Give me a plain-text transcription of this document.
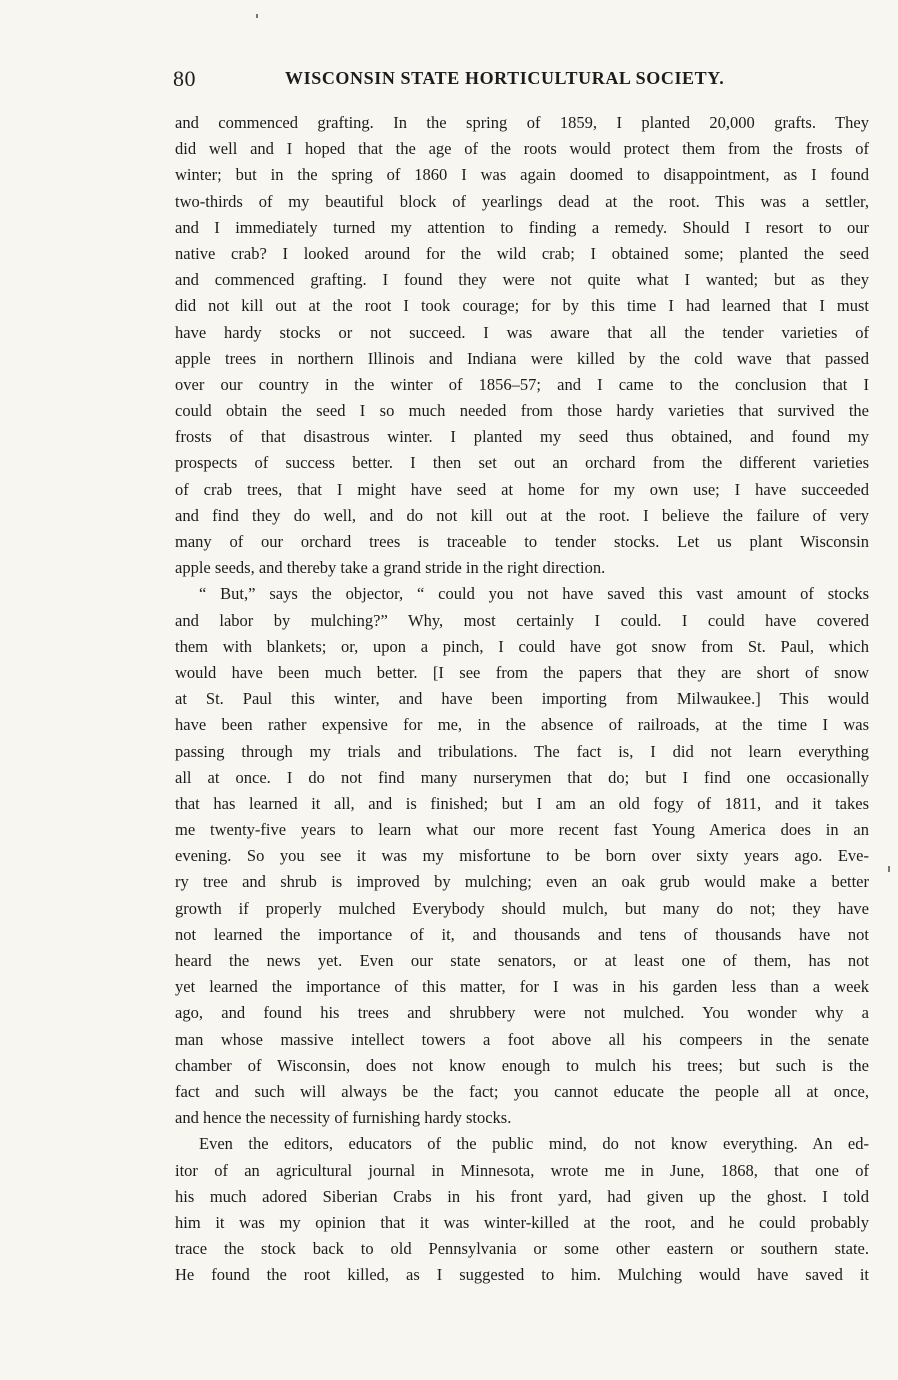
80	WISCONSIN STATE HORTICULTURAL SOCIETY.
and commenced grafting. In the spring of 1859, I planted 20,000 grafts. They
did well and I hoped that the age of the roots would protect them from the frosts of
winter; but in the spring of 1860 I was again doomed to disappointment, as I found
two-thirds of my beautiful block of yearlings dead at the root. This was a settler,
and I immediately turned my attention to finding a remedy. Should I resort to our
native crab? I looked around for the wild crab; I obtained some; planted the seed
and commenced grafting. I found they were not quite what I wanted; but as they
did not kill out at the root I took courage; for by this time I had learned that I must
have hardy stocks or not succeed. I was aware that all the tender varieties of
apple trees in northern Illinois and Indiana were killed by the cold wave that passed
over our country in the winter of 1856–57; and I came to the conclusion that I
could obtain the seed I so much needed from those hardy varieties that survived the
frosts of that disastrous winter. I planted my seed thus obtained, and found my
prospects of success better. I then set out an orchard from the different varieties
of crab trees, that I might have seed at home for my own use; I have succeeded
and find they do well, and do not kill out at the root. I believe the failure of very
many of our orchard trees is traceable to tender stocks. Let us plant Wisconsin
apple seeds, and thereby take a grand stride in the right direction.
“ But,” says the objector, “ could you not have saved this vast amount of stocks
and labor by mulching?” Why, most certainly I could. I could have covered
them with blankets; or, upon a pinch, I could have got snow from St. Paul, which
would have been much better. [I see from the papers that they are short of snow
at St. Paul this winter, and have been importing from Milwaukee.] This would
have been rather expensive for me, in the absence of railroads, at the time I was
passing through my trials and tribulations. The fact is, I did not learn everything
all at once. I do not find many nurserymen that do; but I find one occasionally
that has learned it all, and is finished; but I am an old fogy of 1811, and it takes
me twenty-five years to learn what our more recent fast Young America does in an
evening. So you see it was my misfortune to be born over sixty years ago. Eve-
ry tree and shrub is improved by mulching; even an oak grub would make a better
growth if properly mulched Everybody should mulch, but many do not; they have
not learned the importance of it, and thousands and tens of thousands have not
heard the news yet. Even our state senators, or at least one of them, has not
yet learned the importance of this matter, for I was in his garden less than a week
ago, and found his trees and shrubbery were not mulched. You wonder why a
man whose massive intellect towers a foot above all his compeers in the senate
chamber of Wisconsin, does not know enough to mulch his trees; but such is the
fact and such will always be the fact; you cannot educate the people all at once,
and hence the necessity of furnishing hardy stocks.
Even the editors, educators of the public mind, do not know everything. An ed-
itor of an agricultural journal in Minnesota, wrote me in June, 1868, that one of
his much adored Siberian Crabs in his front yard, had given up the ghost. I told
him it was my opinion that it was winter-killed at the root, and he could probably
trace the stock back to old Pennsylvania or some other eastern or southern state.
He found the root killed, as I suggested to him. Mulching would have saved it
